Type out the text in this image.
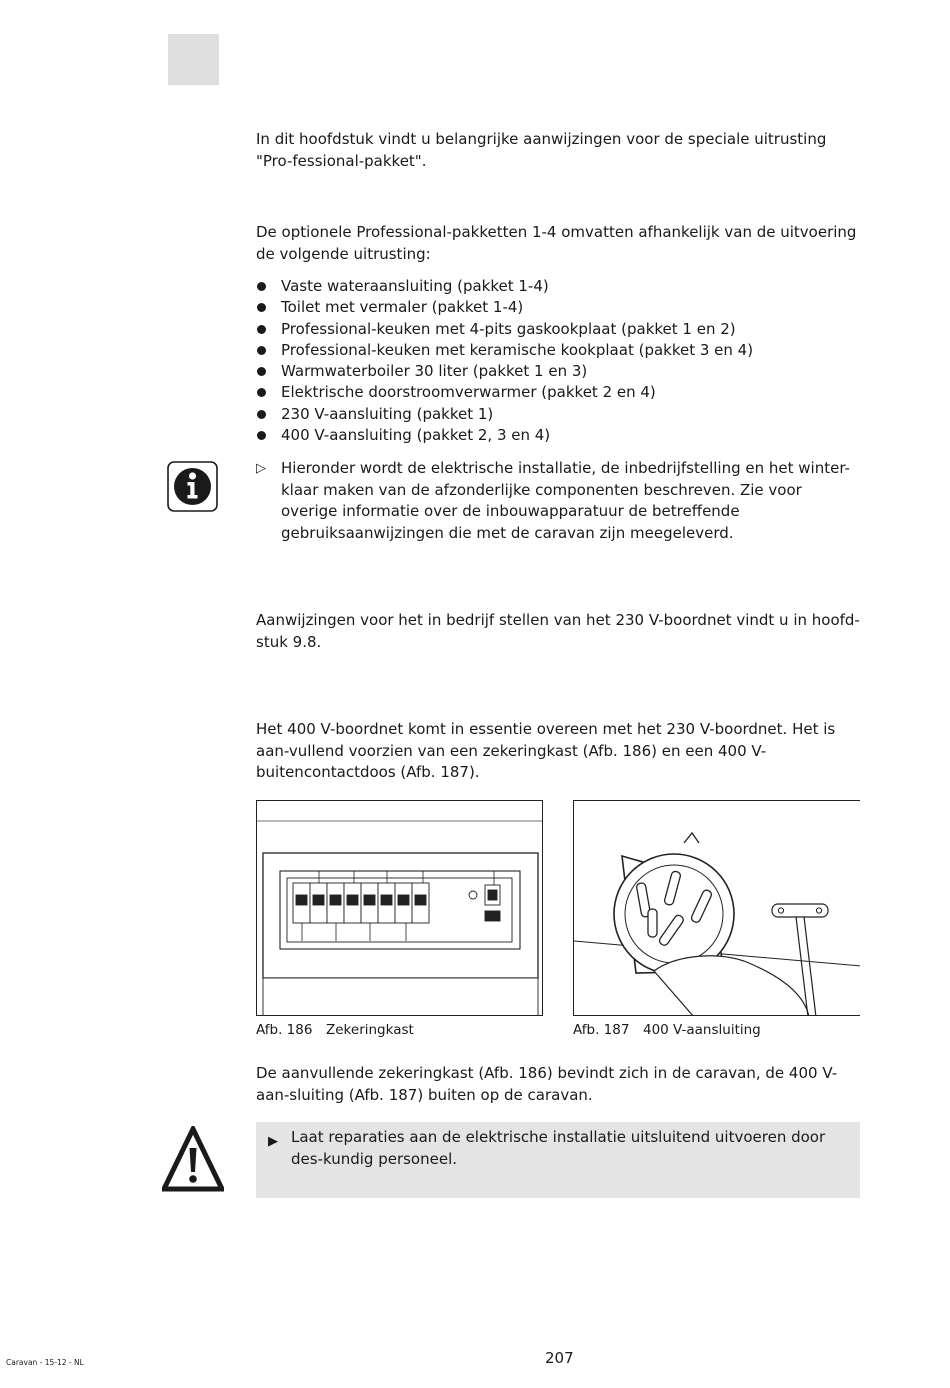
In dit hoofdstuk vindt u belangrijke aanwijzingen voor de speciale uitrusting "Pro-fessional-pakket".

De optionele Professional-pakketten 1-4 omvatten afhankelijk van de uitvoering de volgende uitrusting:

Vaste wateraansluiting (pakket 1-4)
Toilet met vermaler (pakket 1-4)
Professional-keuken met 4-pits gaskookplaat (pakket 1 en 2)
Professional-keuken met keramische kookplaat (pakket 3 en 4)
Warmwaterboiler 30 liter (pakket 1 en 3)
Elektrische doorstroomverwarmer (pakket 2 en 4)
230 V-aansluiting (pakket 1)
400 V-aansluiting (pakket 2, 3 en 4)
▷ Hieronder wordt de elektrische installatie, de inbedrijfstelling en het winter-klaar maken van de afzonderlijke componenten beschreven. Zie voor overige informatie over de inbouwapparatuur de betreffende gebruiksaanwijzingen die met de caravan zijn meegeleverd.

Aanwijzingen voor het in bedrijf stellen van het 230 V-boordnet vindt u in hoofd-stuk 9.8.

Het 400 V-boordnet komt in essentie overeen met het 230 V-boordnet. Het is aan-vullend voorzien van een zekeringkast (Afb. 186) en een 400 V-buitencontactdoos (Afb. 187).

Afb. 186 Zekeringkast	Afb. 187 400 V-aansluiting

De aanvullende zekeringkast (Afb. 186) bevindt zich in de caravan, de 400 V-aan-sluiting (Afb. 187) buiten op de caravan.

▶ Laat reparaties aan de elektrische installatie uitsluitend uitvoeren door des-kundig personeel.
207
Caravan - 15-12 - NL
